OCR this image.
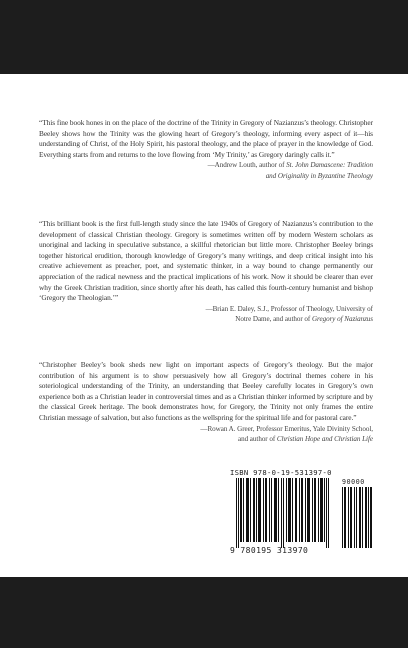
“This fine book hones in on the place of the doctrine of the Trinity in Gregory of Nazianzus’s theology. Christopher Beeley shows how the Trinity was the glowing heart of Gregory’s theology, informing every aspect of it—his understanding of Christ, of the Holy Spirit, his pastoral theology, and the place of prayer in the knowledge of God. Everything starts from and returns to the love flowing from ‘My Trinity,’ as Gregory daringly calls it.”
—Andrew Louth, author of St. John Damascene: Tradition
and Originality in Byzantine Theology
“This brilliant book is the first full-length study since the late 1940s of Gregory of Nazianzus’s contribution to the development of classical Christian theology. Gregory is sometimes written off by modern Western scholars as unoriginal and lacking in speculative substance, a skillful rhetorician but little more. Christopher Beeley brings together historical erudition, thorough knowledge of Gregory’s many writings, and deep critical insight into his creative achievement as preacher, poet, and systematic thinker, in a way bound to change permanently our appreciation of the radical newness and the practical implications of his work. Now it should be clearer than ever why the Greek Christian tradition, since shortly after his death, has called this fourth-century humanist and bishop ‘Gregory the Theologian.’”
—Brian E. Daley, S.J., Professor of Theology, University of
Notre Dame, and author of Gregory of Nazianzus
“Christopher Beeley’s book sheds new light on important aspects of Gregory’s theology. But the major contribution of his argument is to show persuasively how all Gregory’s doctrinal themes cohere in his soteriological understanding of the Trinity, an understanding that Beeley carefully locates in Gregory’s own experience both as a Christian leader in controversial times and as a Christian thinker informed by scripture and by the classical Greek heritage. The book demonstrates how, for Gregory, the Trinity not only frames the entire Christian message of salvation, but also functions as the wellspring for the spiritual life and for pastoral care.”
—Rowan A. Greer, Professor Emeritus, Yale Divinity School,
and author of Christian Hope and Christian Life
ISBN 978-0-19-531397-0
90000
9 780195 313970
